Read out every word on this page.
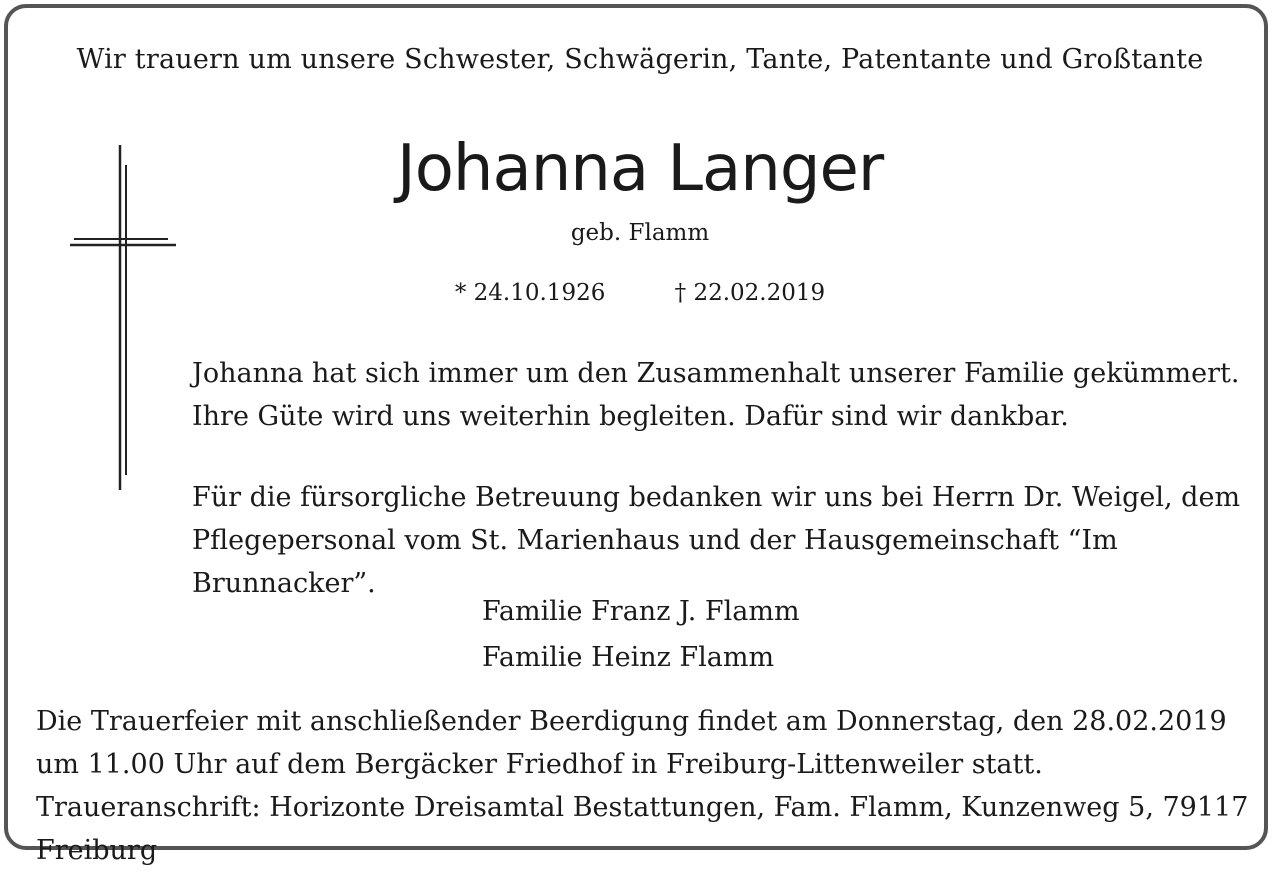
Wir trauern um unsere Schwester, Schwägerin, Tante, Patentante und Großtante
Johanna Langer
geb. Flamm
* 24.10.1926	† 22.02.2019
Johanna hat sich immer um den Zusammenhalt unserer Familie gekümmert. Ihre Güte wird uns weiterhin begleiten. Dafür sind wir dankbar.
Für die fürsorgliche Betreuung bedanken wir uns bei Herrn Dr. Weigel, dem Pflegepersonal vom St. Marienhaus und der Hausgemeinschaft “Im Brunnacker”.
Familie Franz J. Flamm
Familie Heinz Flamm
Die Trauerfeier mit anschließender Beerdigung findet am Donnerstag, den 28.02.2019 um 11.00 Uhr auf dem Bergäcker Friedhof in Freiburg-Littenweiler statt.
Traueranschrift: Horizonte Dreisamtal Bestattungen, Fam. Flamm, Kunzenweg 5, 79117 Freiburg
